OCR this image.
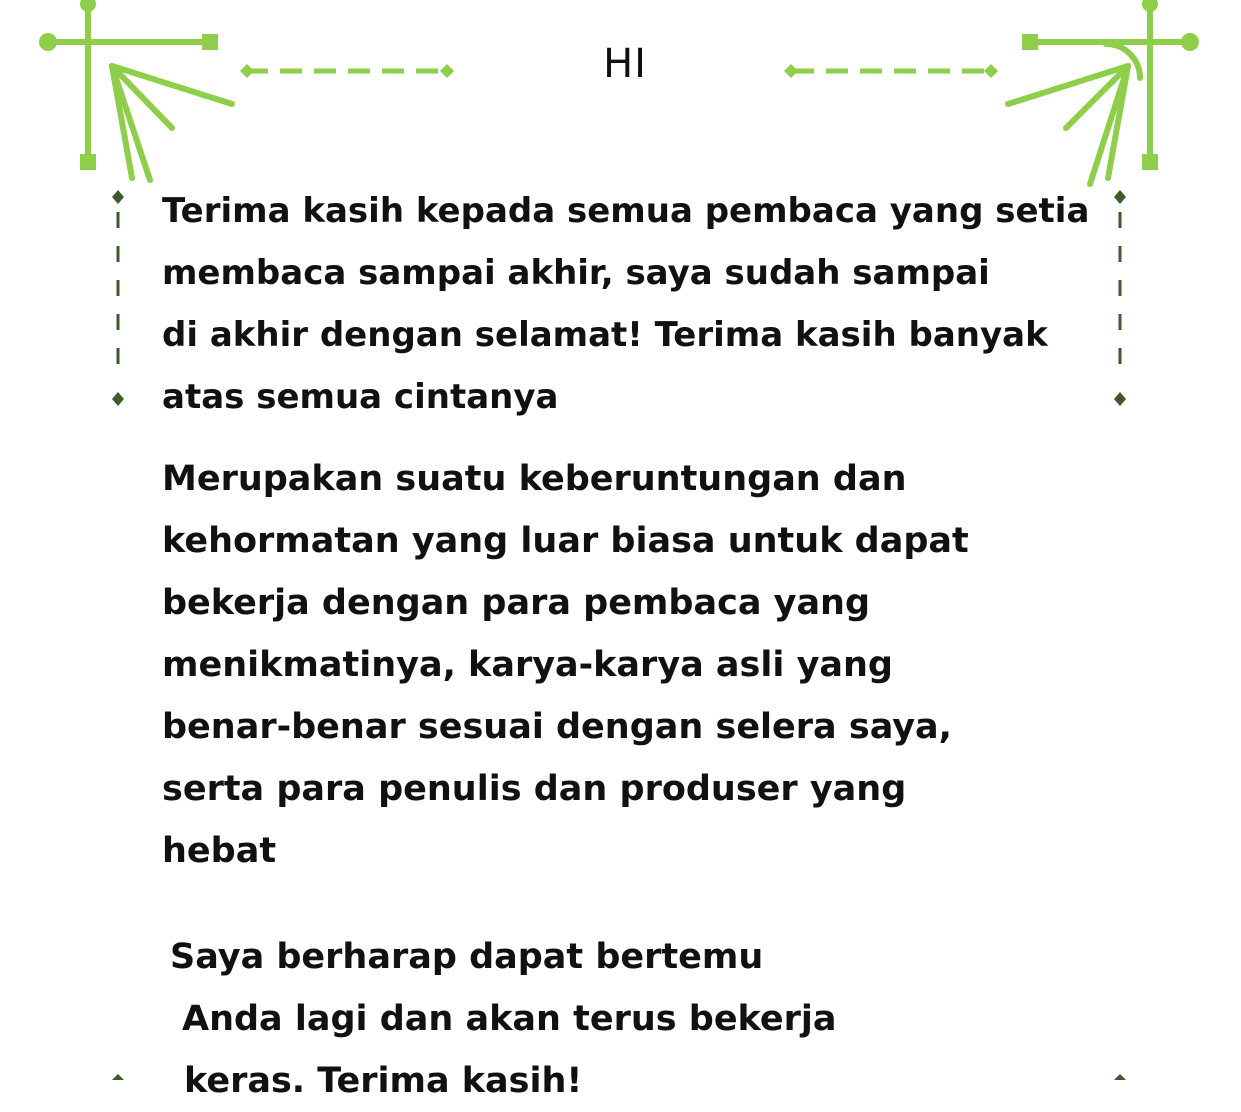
HI
Terima kasih kepada semua pembaca yang setia
membaca sampai akhir, saya sudah sampai
di akhir dengan selamat! Terima kasih banyak
atas semua cintanya
Merupakan suatu keberuntungan dan
kehormatan yang luar biasa untuk dapat
bekerja dengan para pembaca yang
menikmatinya, karya-karya asli yang
benar-benar sesuai dengan selera saya,
serta para penulis dan produser yang
hebat
Saya berharap dapat bertemu
Anda lagi dan akan terus bekerja
keras. Terima kasih!
